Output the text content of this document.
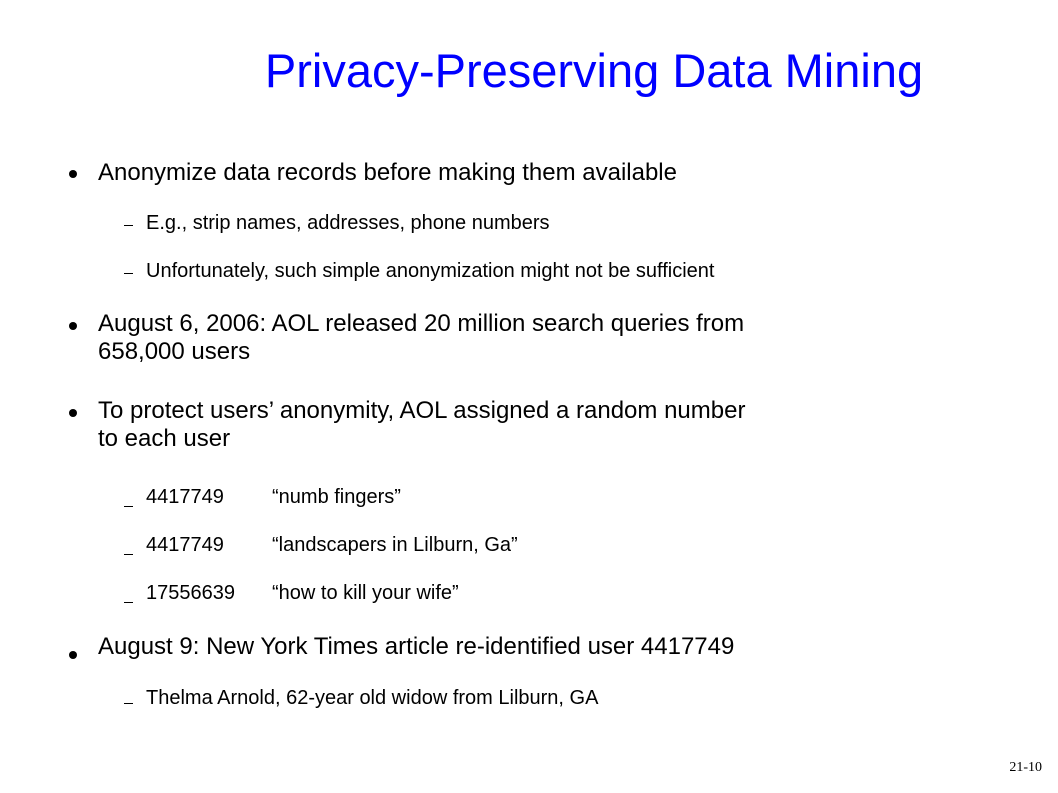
Privacy-Preserving Data Mining
Anonymize data records before making them available
E.g., strip names, addresses, phone numbers
Unfortunately, such simple anonymization might not be sufficient
August 6, 2006: AOL released 20 million search queries from
658,000 users
To protect users’ anonymity, AOL assigned a random number
to each user
4417749 “numb fingers”
4417749 “landscapers in Lilburn, Ga”
17556639 “how to kill your wife”
August 9: New York Times article re-identified user 4417749
Thelma Arnold, 62-year old widow from Lilburn, GA
21-10
